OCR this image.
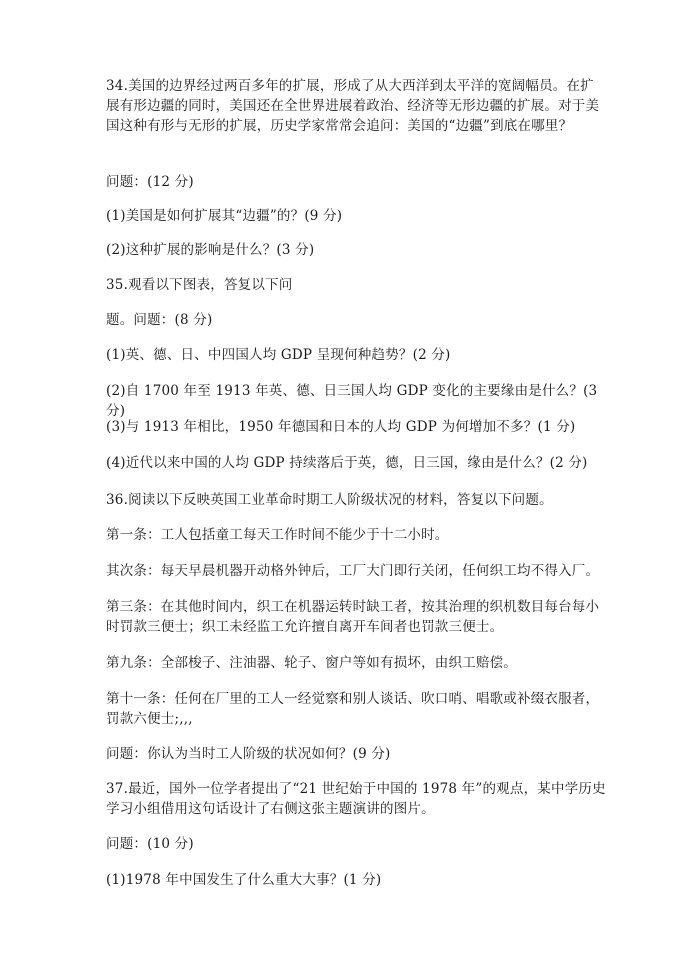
34.美国的边界经过两百多年的扩展，形成了从大西洋到太平洋的宽阔幅员。在扩展有形边疆的同时，美国还在全世界进展着政治、经济等无形边疆的扩展。对于美国这种有形与无形的扩展，历史学家常常会追问：美国的“边疆”到底在哪里？

问题：(12 分)

(1)美国是如何扩展其“边疆”的？(9 分)

(2)这种扩展的影响是什么？(3 分)

35.观看以下图表，答复以下问

题。问题：(8 分)

(1)英、德、日、中四国人均 GDP 呈现何种趋势？(2 分)

(2)自 1700 年至 1913 年英、德、日三国人均 GDP 变化的主要缘由是什么？(3 分)

(3)与 1913 年相比，1950 年德国和日本的人均 GDP 为何增加不多？(1 分)

(4)近代以来中国的人均 GDP 持续落后于英，德，日三国，缘由是什么？(2 分)

36.阅读以下反映英国工业革命时期工人阶级状况的材料，答复以下问题。

第一条：工人包括童工每天工作时间不能少于十二小时。

其次条：每天早晨机器开动格外钟后，工厂大门即行关闭，任何织工均不得入厂。

第三条：在其他时间内，织工在机器运转时缺工者，按其治理的织机数目每台每小时罚款三便士；织工未经监工允许擅自离开车间者也罚款三便士。

第九条：全部梭子、注油器、轮子、窗户等如有损坏，由织工赔偿。

第十一条：任何在厂里的工人一经觉察和别人谈话、吹口哨、唱歌或补缀衣服者，罚款六便士;,,,

问题：你认为当时工人阶级的状况如何？(9 分)

37.最近，国外一位学者提出了“21 世纪始于中国的 1978 年”的观点，某中学历史学习小组借用这句话设计了右侧这张主题演讲的图片。

问题：(10 分)

(1)1978 年中国发生了什么重大大事？(1 分)
